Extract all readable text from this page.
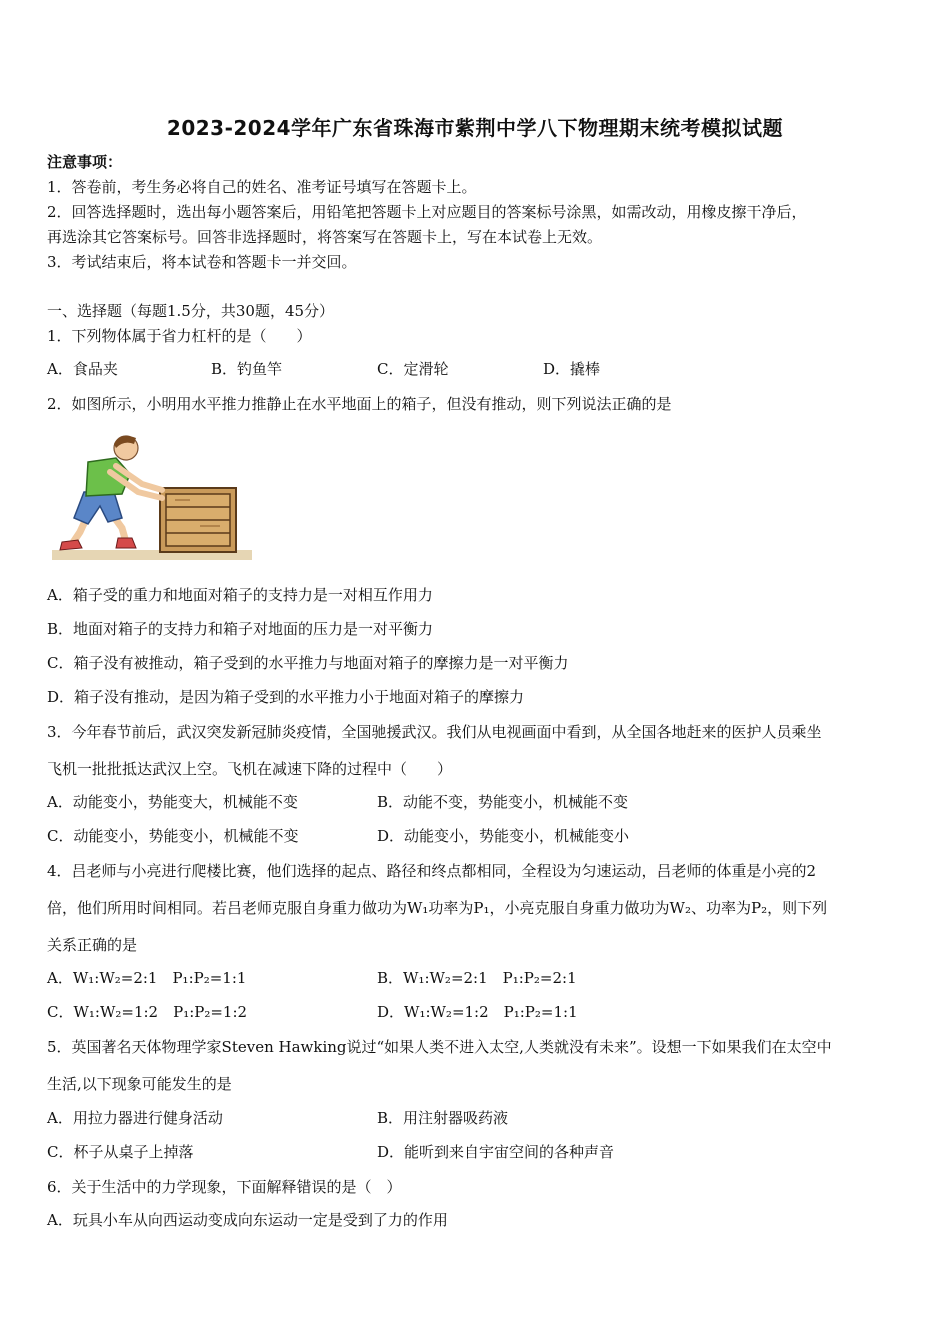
2023-2024学年广东省珠海市紫荆中学八下物理期末统考模拟试题
注意事项：
1．答卷前，考生务必将自己的姓名、准考证号填写在答题卡上。
2．回答选择题时，选出每小题答案后，用铅笔把答题卡上对应题目的答案标号涂黑，如需改动，用橡皮擦干净后，
再选涂其它答案标号。回答非选择题时，将答案写在答题卡上，写在本试卷上无效。
3．考试结束后，将本试卷和答题卡一并交回。
一、选择题（每题1.5分，共30题，45分）
1．下列物体属于省力杠杆的是（　　）
A．食品夹	B．钓鱼竿	C．定滑轮	D．撬棒
2．如图所示，小明用水平推力推静止在水平地面上的箱子，但没有推动，则下列说法正确的是
A．箱子受的重力和地面对箱子的支持力是一对相互作用力
B．地面对箱子的支持力和箱子对地面的压力是一对平衡力
C．箱子没有被推动，箱子受到的水平推力与地面对箱子的摩擦力是一对平衡力
D．箱子没有推动，是因为箱子受到的水平推力小于地面对箱子的摩擦力
3．今年春节前后，武汉突发新冠肺炎疫情，全国驰援武汉。我们从电视画面中看到，从全国各地赶来的医护人员乘坐
飞机一批批抵达武汉上空。飞机在减速下降的过程中（　　）
A．动能变小，势能变大，机械能不变	B．动能不变，势能变小，机械能不变
C．动能变小，势能变小，机械能不变	D．动能变小，势能变小，机械能变小
4．吕老师与小亮进行爬楼比赛，他们选择的起点、路径和终点都相同，全程设为匀速运动，吕老师的体重是小亮的2
倍，他们所用时间相同。若吕老师克服自身重力做功为W₁功率为P₁，小亮克服自身重力做功为W₂、功率为P₂，则下列
关系正确的是
A．W₁:W₂=2:1　P₁:P₂=1:1	B．W₁:W₂=2:1　P₁:P₂=2:1
C．W₁:W₂=1:2　P₁:P₂=1:2	D．W₁:W₂=1:2　P₁:P₂=1:1
5．英国著名天体物理学家Steven Hawking说过“如果人类不进入太空,人类就没有未来”。设想一下如果我们在太空中
生活,以下现象可能发生的是
A．用拉力器进行健身活动	B．用注射器吸药液
C．杯子从桌子上掉落	D．能听到来自宇宙空间的各种声音
6．关于生活中的力学现象，下面解释错误的是（　）
A．玩具小车从向西运动变成向东运动一定是受到了力的作用
